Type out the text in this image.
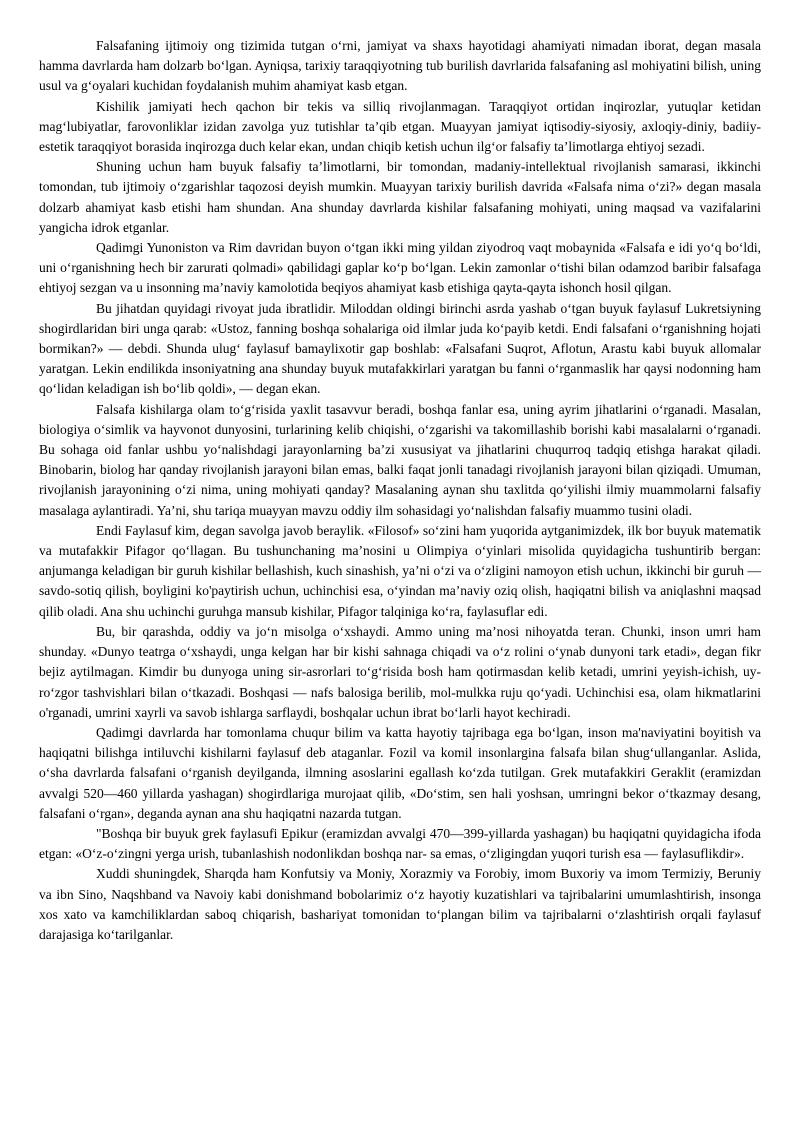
Falsafaning ijtimoiy ong tizimida tutgan o‘rni, jamiyat va shaxs hayotidagi ahamiyati nimadan iborat, degan masala hamma davrlarda ham dolzarb bo‘lgan. Ayniqsa, tarixiy taraqqiyotning tub burilish davrlarida falsafaning asl mohiyatini bilish, uning usul va g‘oyalari kuchidan foydalanish muhim ahamiyat kasb etgan.

Kishilik jamiyati hech qachon bir tekis va silliq rivojlanmagan. Taraqqiyot ortidan inqirozlar, yutuqlar ketidan mag‘lubiyatlar, farovonliklar izidan zavolga yuz tutishlar ta’qib etgan. Muayyan jamiyat iqtisodiy-siyosiy, axloqiy-diniy, badiiy-estetik taraqqiyot borasida inqirozga duch kelar ekan, undan chiqib ketish uchun ilg‘or falsafiy ta’limotlarga ehtiyoj sezadi.

Shuning uchun ham buyuk falsafiy ta’limotlarni, bir tomondan, madaniy-intellektual rivojlanish samarasi, ikkinchi tomondan, tub ijtimoiy o‘zgarishlar taqozosi deyish mumkin. Muayyan tarixiy burilish davrida «Falsafa nima o‘zi?» degan masala dolzarb ahamiyat kasb etishi ham shundan. Ana shunday davrlarda kishilar falsafaning mohiyati, uning maqsad va vazifalarini yangicha idrok etganlar.

Qadimgi Yunoniston va Rim davridan buyon o‘tgan ikki ming yildan ziyodroq vaqt mobaynida «Falsafa e idi yo‘q bo‘ldi, uni o‘rganishning hech bir zarurati qolmadi» qabilidagi gaplar ko‘p bo‘lgan. Lekin zamonlar o‘tishi bilan odamzod baribir falsafaga ehtiyoj sezgan va u insonning ma’naviy kamolotida beqiyos ahamiyat kasb etishiga qayta-qayta ishonch hosil qilgan.

Bu jihatdan quyidagi rivoyat juda ibratlidir. Miloddan oldingi birinchi asrda yashab o‘tgan buyuk faylasuf Lukretsiyning shogirdlaridan biri unga qarab: «Ustoz, fanning boshqa sohalariga oid ilmlar juda ko‘payib ketdi. Endi falsafani o‘rganishning hojati bormikan?» — debdi. Shunda ulug‘ faylasuf bamaylixotir gap boshlab: «Falsafani Suqrot, Aflotun, Arastu kabi buyuk allomalar yaratgan. Lekin endilikda insoniyatning ana shunday buyuk mutafakkirlari yaratgan bu fanni o‘rganmaslik har qaysi nodonning ham qo‘lidan keladigan ish bo‘lib qoldi», — degan ekan.

Falsafa kishilarga olam to‘g‘risida yaxlit tasavvur beradi, boshqa fanlar esa, uning ayrim jihatlarini o‘rganadi. Masalan, biologiya o‘simlik va hayvonot dunyosini, turlarining kelib chiqishi, o‘zgarishi va takomillashib borishi kabi masalalarni o‘rganadi. Bu sohaga oid fanlar ushbu yo‘nalishdagi jarayonlarning ba’zi xususiyat va jihatlarini chuqurroq tadqiq etishga harakat qiladi. Binobarin, biolog har qanday rivojlanish jarayoni bilan emas, balki faqat jonli tanadagi rivojlanish jarayoni bilan qiziqadi. Umuman, rivojlanish jarayonining o‘zi nima, uning mohiyati qanday? Masalaning aynan shu taxlitda qo‘yilishi ilmiy muammolarni falsafiy masalaga aylantiradi. Ya’ni, shu tariqa muayyan mavzu oddiy ilm sohasidagi yo‘nalishdan falsafiy muammo tusini oladi.

Endi Faylasuf kim, degan savolga javob beraylik. «Filosof» so‘zini ham yuqorida aytganimizdek, ilk bor buyuk matematik va mutafakkir Pifagor qo‘llagan. Bu tushunchaning ma’nosini u Olimpiya o‘yinlari misolida quyidagicha tushuntirib bergan: anjumanga keladigan bir guruh kishilar bellashish, kuch sinashish, ya’ni o‘zi va o‘zligini namoyon etish uchun, ikkinchi bir guruh — savdo-sotiq qilish, boyligini ko'paytirish uchun, uchinchisi esa, o‘yindan ma’naviy oziq olish, haqiqatni bilish va aniqlashni maqsad qilib oladi. Ana shu uchinchi guruhga mansub kishilar, Pifagor talqiniga ko‘ra, faylasuflar edi.

Bu, bir qarashda, oddiy va jo‘n misolga o‘xshaydi. Ammo uning ma’nosi nihoyatda teran. Chunki, inson umri ham shunday. «Dunyo teatrga o‘xshaydi, unga kelgan har bir kishi sahnaga chiqadi va o‘z rolini o‘ynab dunyoni tark etadi», degan fikr bejiz aytilmagan. Kimdir bu dunyoga uning sir-asrorlari to‘g‘risida bosh ham qotirmasdan kelib ketadi, umrini yeyish-ichish, uy-ro‘zgor tashvishlari bilan o‘tkazadi. Boshqasi — nafs balosiga berilib, mol-mulkka ruju qo‘yadi. Uchinchisi esa, olam hikmatlarini o'rganadi, umrini xayrli va savob ishlarga sarflaydi, boshqalar uchun ibrat bo‘larli hayot kechiradi.

Qadimgi davrlarda har tomonlama chuqur bilim va katta hayotiy tajribaga ega bo‘lgan, inson ma'naviyatini boyitish va haqiqatni bilishga intiluvchi kishilarni faylasuf deb ataganlar. Fozil va komil insonlargina falsafa bilan shug‘ullanganlar. Aslida, o‘sha davrlarda falsafani o‘rganish deyilganda, ilmning asoslarini egallash ko‘zda tutilgan. Grek mutafakkiri Geraklit (eramizdan avvalgi 520—460 yillarda yashagan) shogirdlariga murojaat qilib, «Do‘stim, sen hali yoshsan, umringni bekor o‘tkazmay desang, falsafani o‘rgan», deganda aynan ana shu haqiqatni nazarda tutgan.

"Boshqa bir buyuk grek faylasufi Epikur (eramizdan avvalgi 470—399-yillarda yashagan) bu haqiqatni quyidagicha ifoda etgan: «O‘z-o‘zingni yerga urish, tubanlashish nodonlikdan boshqa nar- sa emas, o‘zligingdan yuqori turish esa — faylasuflikdir».

Xuddi shuningdek, Sharqda ham Konfutsiy va Moniy, Xorazmiy va Forobiy, imom Buxoriy va imom Termiziy, Beruniy va ibn Sino, Naqshband va Navoiy kabi donishmand bobolarimiz o‘z hayotiy kuzatishlari va tajribalarini umumlashtirish, insonga xos xato va kamchiliklardan saboq chiqarish, bashariyat tomonidan to‘plangan bilim va tajribalarni o‘zlashtirish orqali faylasuf darajasiga ko‘tarilganlar.
